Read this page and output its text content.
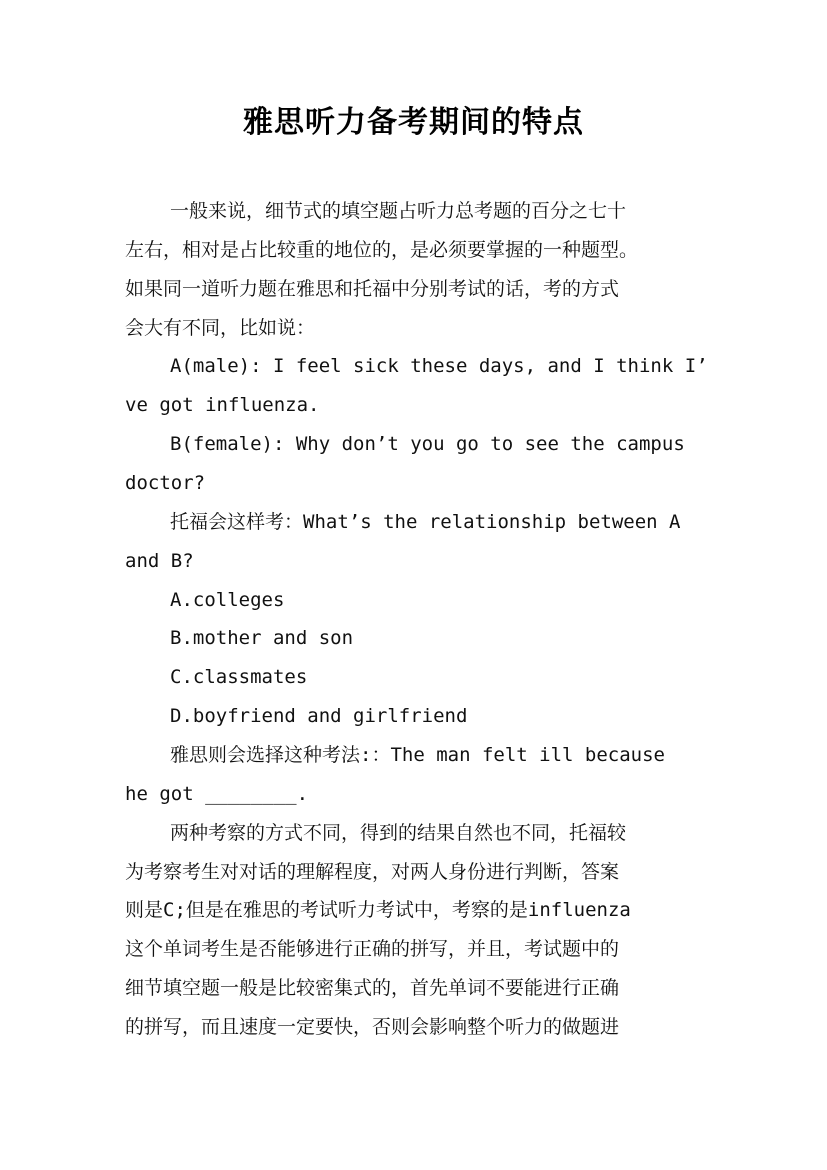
雅思听力备考期间的特点
一般来说，细节式的填空题占听力总考题的百分之七十
左右，相对是占比较重的地位的，是必须要掌握的一种题型。
如果同一道听力题在雅思和托福中分别考试的话，考的方式
会大有不同，比如说：
A(male): I feel sick these days, and I think I’
ve got influenza.
B(female): Why don’t you go to see the campus
doctor?
托福会这样考：What’s the relationship between A
and B?
A.colleges
B.mother and son
C.classmates
D.boyfriend and girlfriend
雅思则会选择这种考法:：The man felt ill because
he got ________.
两种考察的方式不同，得到的结果自然也不同，托福较
为考察考生对对话的理解程度，对两人身份进行判断，答案
则是C;但是在雅思的考试听力考试中，考察的是influenza
这个单词考生是否能够进行正确的拼写，并且，考试题中的
细节填空题一般是比较密集式的，首先单词不要能进行正确
的拼写，而且速度一定要快，否则会影响整个听力的做题进
